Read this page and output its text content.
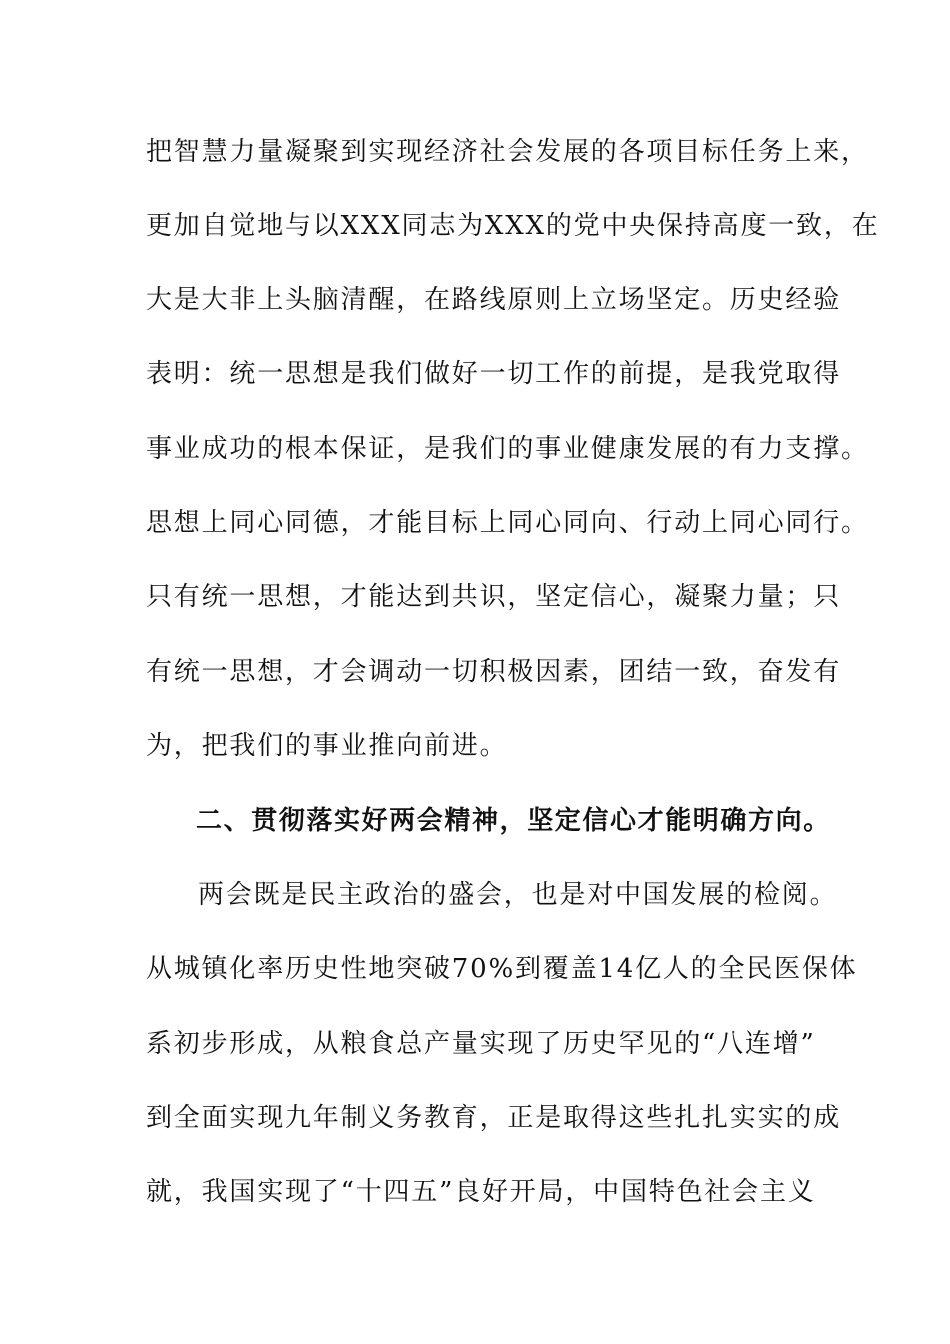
把智慧力量凝聚到实现经济社会发展的各项目标任务上来，
更加自觉地与以XXX同志为XXX的党中央保持高度一致，在
大是大非上头脑清醒，在路线原则上立场坚定。历史经验
表明：统一思想是我们做好一切工作的前提，是我党取得
事业成功的根本保证，是我们的事业健康发展的有力支撑。
思想上同心同德，才能目标上同心同向、行动上同心同行。
只有统一思想，才能达到共识，坚定信心，凝聚力量；只
有统一思想，才会调动一切积极因素，团结一致，奋发有
为，把我们的事业推向前进。
二、贯彻落实好两会精神，坚定信心才能明确方向。
两会既是民主政治的盛会，也是对中国发展的检阅。
从城镇化率历史性地突破70%到覆盖14亿人的全民医保体
系初步形成，从粮食总产量实现了历史罕见的“八连增”
到全面实现九年制义务教育，正是取得这些扎扎实实的成
就，我国实现了“十四五”良好开局，中国特色社会主义
